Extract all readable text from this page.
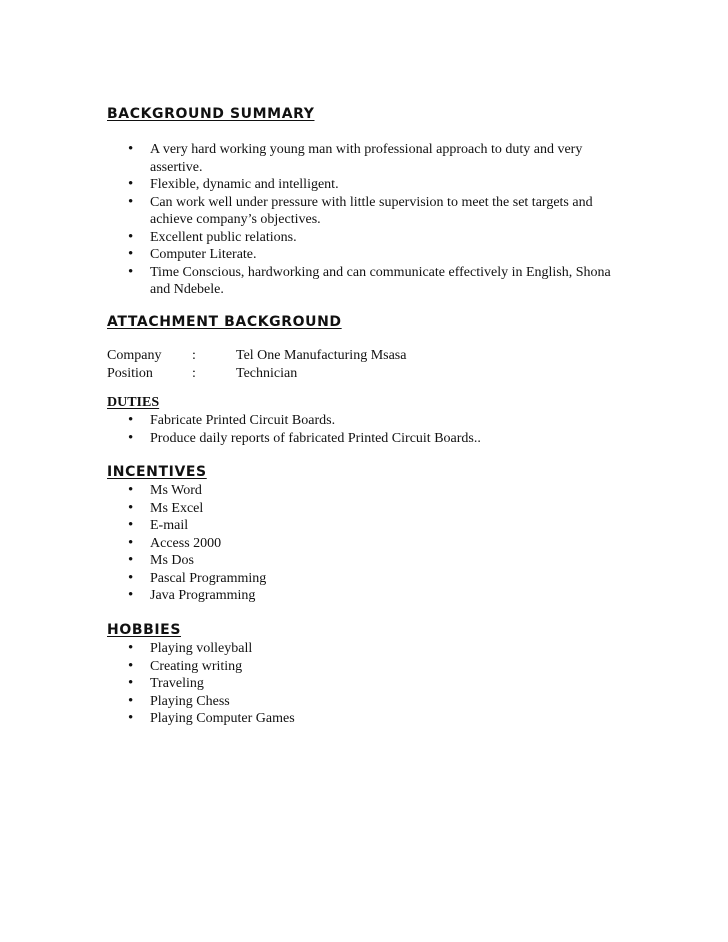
BACKGROUND SUMMARY
• A very hard working young man with professional approach to duty and very assertive.
• Flexible, dynamic and intelligent.
• Can work well under pressure with little supervision to meet the set targets and achieve company’s objectives.
• Excellent public relations.
• Computer Literate.
• Time Conscious, hardworking and can communicate effectively in English, Shona and Ndebele.
ATTACHMENT BACKGROUND
Company	:	Tel One Manufacturing Msasa
Position	:	Technician
DUTIES
• Fabricate Printed Circuit Boards.
• Produce daily reports of fabricated Printed Circuit Boards..
INCENTIVES
• Ms Word
• Ms Excel
• E-mail
• Access 2000
• Ms Dos
• Pascal Programming
• Java Programming
HOBBIES
• Playing volleyball
• Creating writing
• Traveling
• Playing Chess
• Playing Computer Games
